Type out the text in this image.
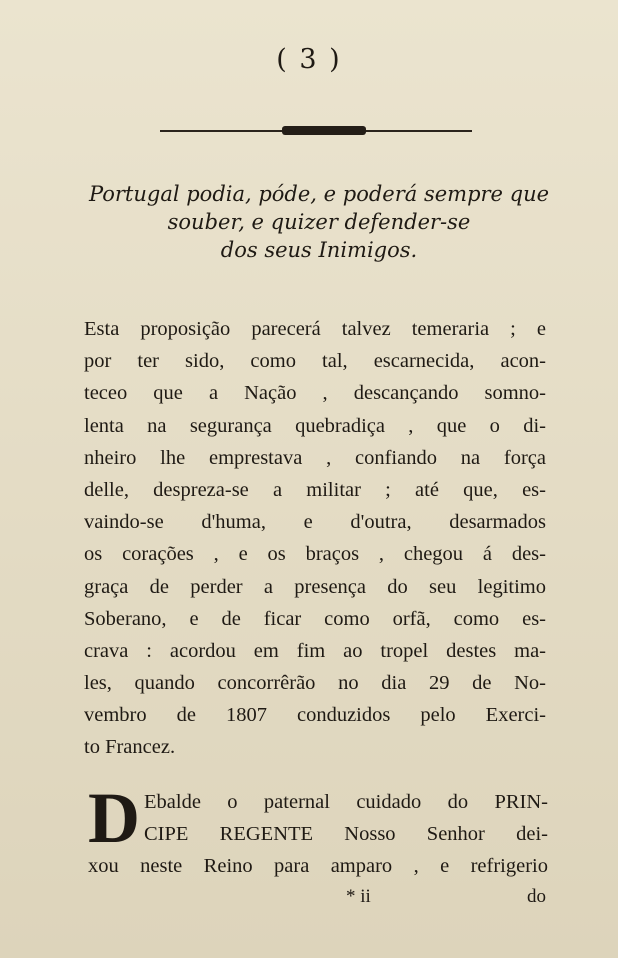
( 3 )
Portugal podia, póde, e poderá sempre que
souber, e quizer defender-se
dos seus Inimigos.
Esta proposição parecerá talvez temeraria ; e
por ter sido, como tal, escarnecida, acon-
teceo que a Nação , descançando somno-
lenta na segurança quebradiça , que o di-
nheiro lhe emprestava , confiando na força
delle, despreza-se a militar ; até que, es-
vaindo-se d'huma, e d'outra, desarmados
os corações , e os braços , chegou á des-
graça de perder a presença do seu legitimo
Soberano, e de ficar como orfã, como es-
crava : acordou em fim ao tropel destes ma-
les, quando concorrêrão no dia 29 de No-
vembro de 1807 conduzidos pelo Exerci-
to Francez.
D Ebalde o paternal cuidado do PRIN-
CIPE REGENTE Nosso Senhor dei-
xou neste Reino para amparo , e refrigerio
* ii	do
